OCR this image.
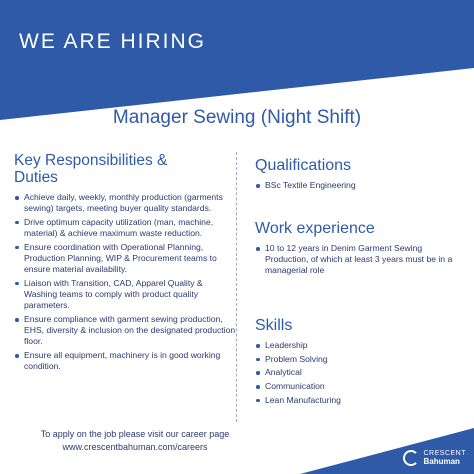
WE ARE HIRING
Manager Sewing (Night Shift)
Key Responsibilities &
Duties
Achieve daily, weekly, monthly production (garments sewing) targets, meeting buyer quality standards.
Drive optimum capacity utilization (man, machine, material) & achieve maximum waste reduction.
Ensure coordination with Operational Planning, Production Planning, WIP & Procurement teams to ensure material availability.
Liaison with Transition, CAD, Apparel Quality & Washing teams to comply with product quality parameters.
Ensure compliance with garment sewing production, EHS, diversity & inclusion on the designated production floor.
Ensure all equipment, machinery is in good working condition.
Qualifications
BSc Textile Engineering
Work experience
10 to 12 years in Denim Garment Sewing Production, of which at least 3 years must be in a managerial role
Skills
Leadership
Problem Solving
Analytical
Communication
Lean Manufacturing
To apply on the job please visit our career page
www.crescentbahuman.com/careers
CRESCENT
Bahuman
